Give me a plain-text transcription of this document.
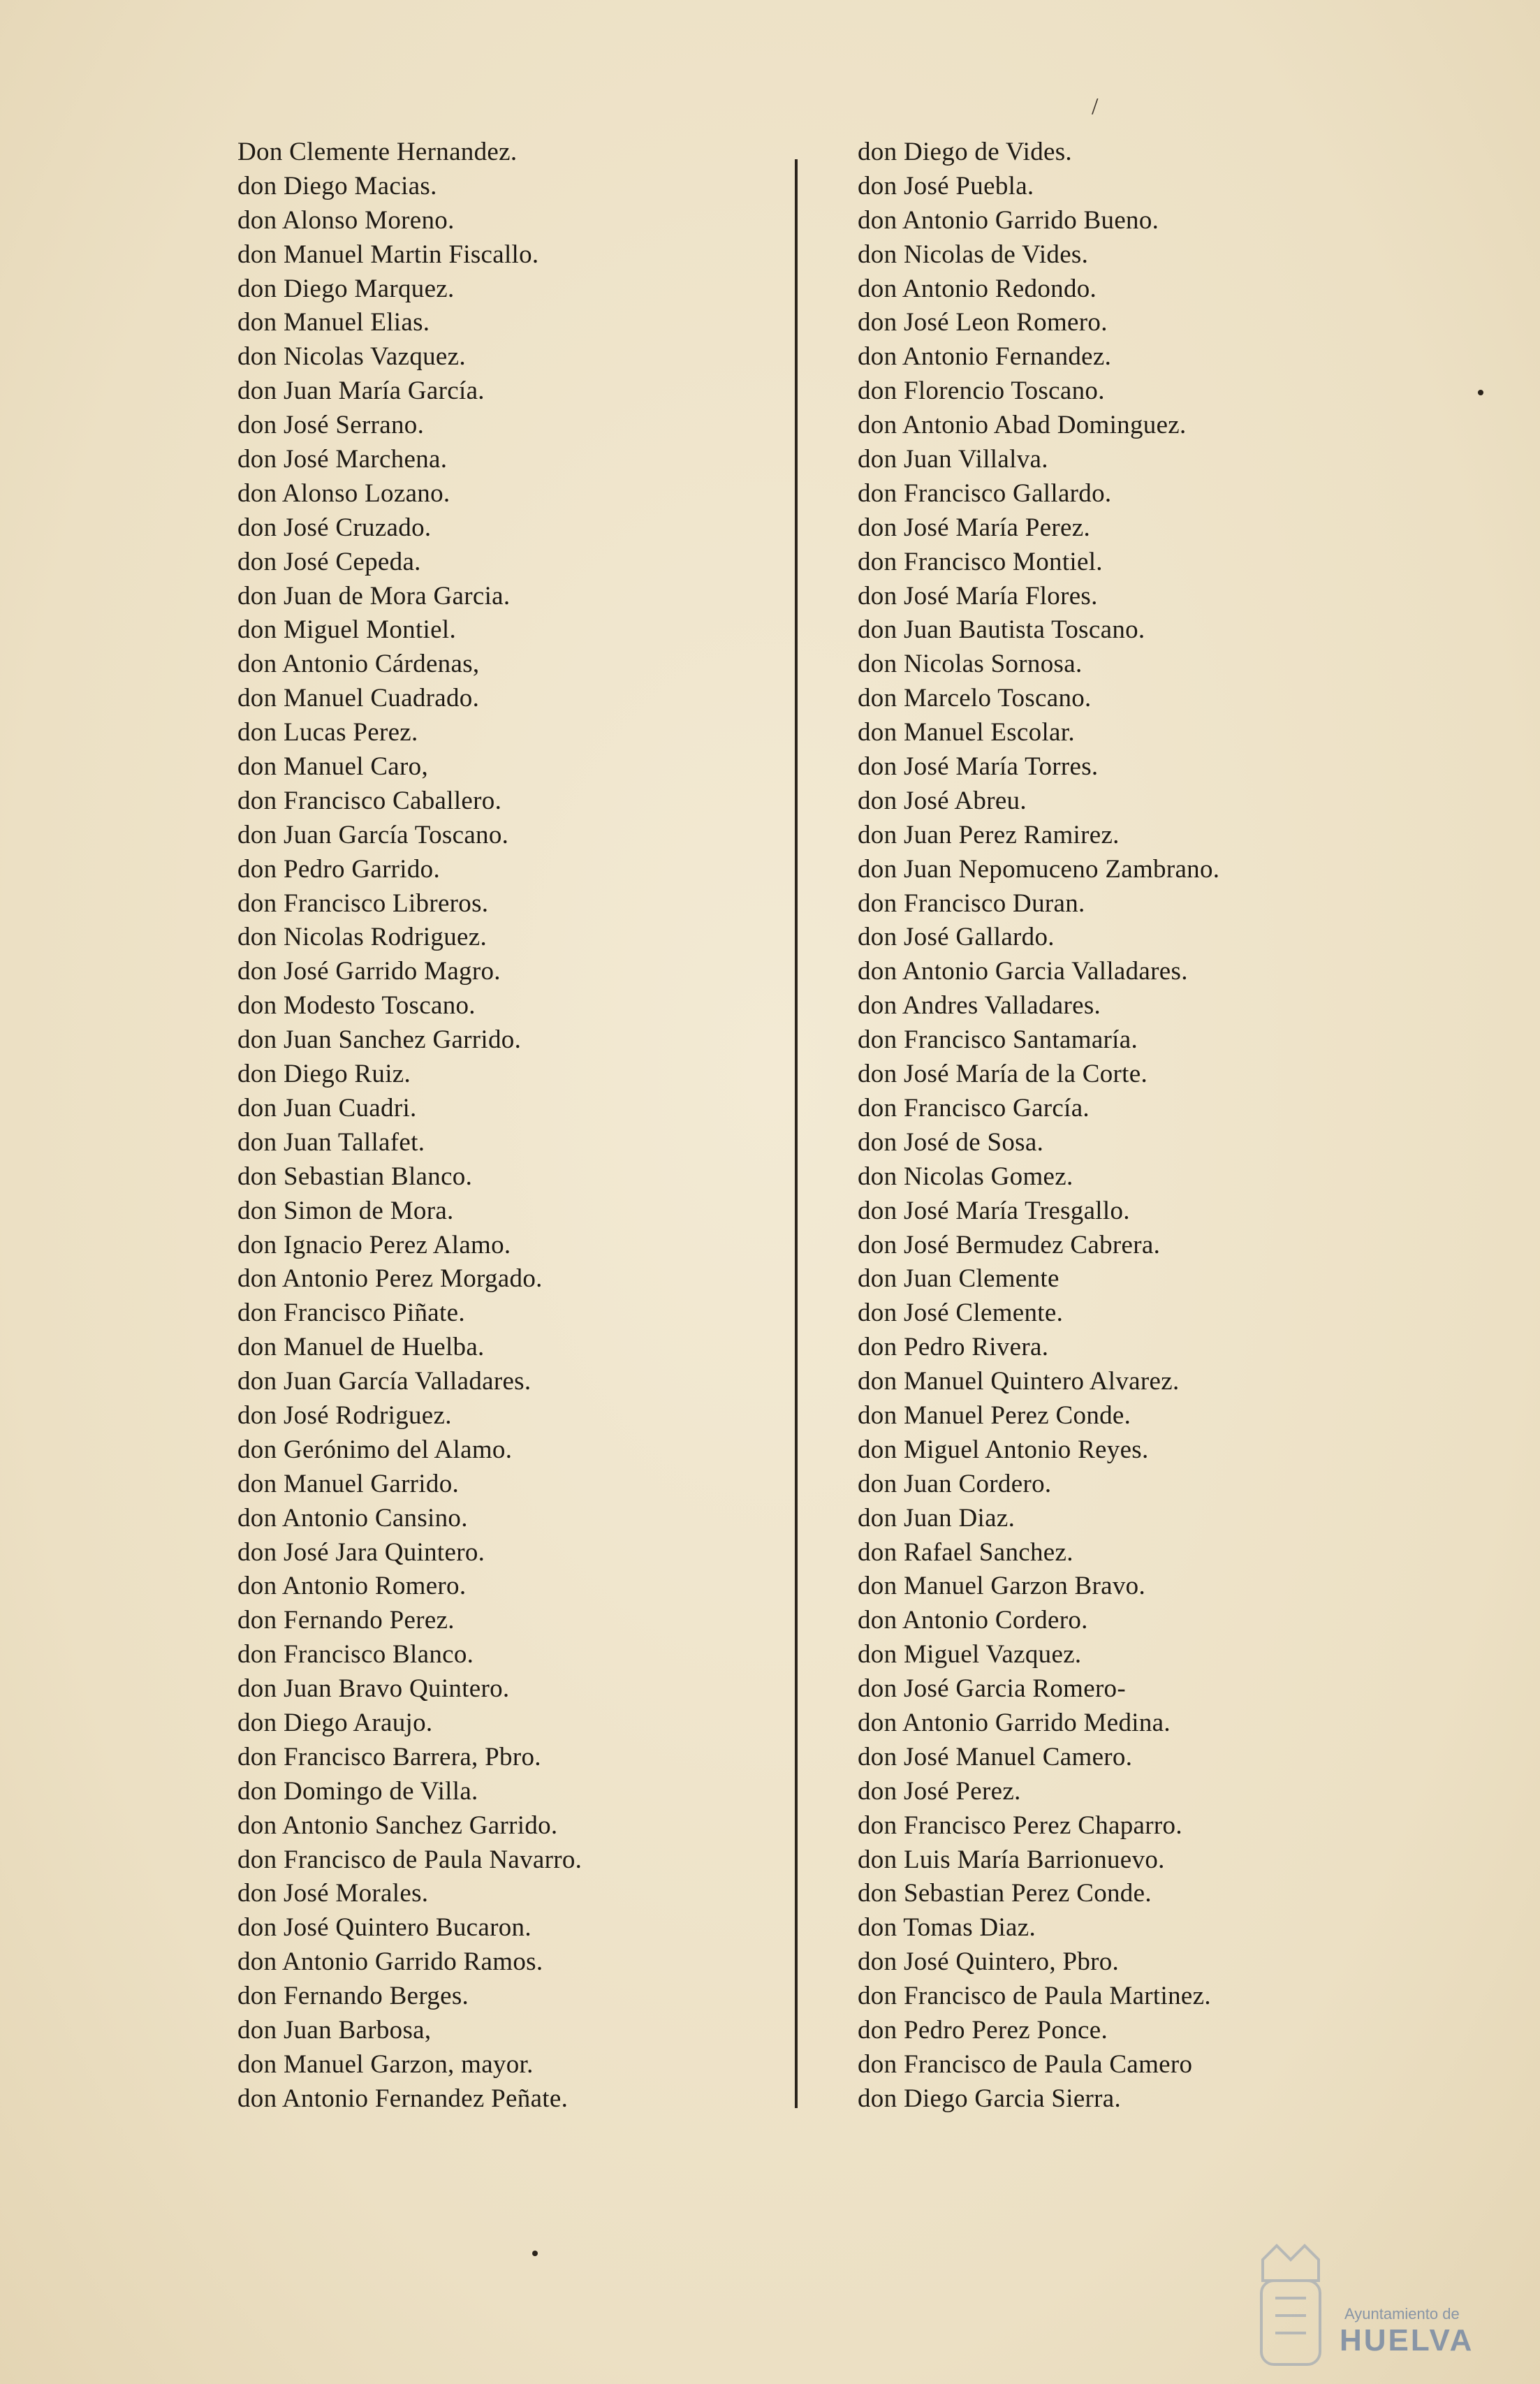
/
Don Clemente Hernandez.
don Diego Macias.
don Alonso Moreno.
don Manuel Martin Fiscallo.
don Diego Marquez.
don Manuel Elias.
don Nicolas Vazquez.
don Juan María García.
don José Serrano.
don José Marchena.
don Alonso Lozano.
don José Cruzado.
don José Cepeda.
don Juan de Mora Garcia.
don Miguel Montiel.
don Antonio Cárdenas,
don Manuel Cuadrado.
don Lucas Perez.
don Manuel Caro,
don Francisco Caballero.
don Juan García Toscano.
don Pedro Garrido.
don Francisco Libreros.
don Nicolas Rodriguez.
don José Garrido Magro.
don Modesto Toscano.
don Juan Sanchez Garrido.
don Diego Ruiz.
don Juan Cuadri.
don Juan Tallafet.
don Sebastian Blanco.
don Simon de Mora.
don Ignacio Perez Alamo.
don Antonio Perez Morgado.
don Francisco Piñate.
don Manuel de Huelba.
don Juan García Valladares.
don José Rodriguez.
don Gerónimo del Alamo.
don Manuel Garrido.
don Antonio Cansino.
don José Jara Quintero.
don Antonio Romero.
don Fernando Perez.
don Francisco Blanco.
don Juan Bravo Quintero.
don Diego Araujo.
don Francisco Barrera, Pbro.
don Domingo de Villa.
don Antonio Sanchez Garrido.
don Francisco de Paula Navarro.
don José Morales.
don José Quintero Bucaron.
don Antonio Garrido Ramos.
don Fernando Berges.
don Juan Barbosa,
don Manuel Garzon, mayor.
don Antonio Fernandez Peñate.
don Diego de Vides.
don José Puebla.
don Antonio Garrido Bueno.
don Nicolas de Vides.
don Antonio Redondo.
don José Leon Romero.
don Antonio Fernandez.
don Florencio Toscano.
don Antonio Abad Dominguez.
don Juan Villalva.
don Francisco Gallardo.
don José María Perez.
don Francisco Montiel.
don José María Flores.
don Juan Bautista Toscano.
don Nicolas Sornosa.
don Marcelo Toscano.
don Manuel Escolar.
don José María Torres.
don José Abreu.
don Juan Perez Ramirez.
don Juan Nepomuceno Zambrano.
don Francisco Duran.
don José Gallardo.
don Antonio Garcia Valladares.
don Andres Valladares.
don Francisco Santamaría.
don José María de la Corte.
don Francisco García.
don José de Sosa.
don Nicolas Gomez.
don José María Tresgallo.
don José Bermudez Cabrera.
don Juan Clemente
don José Clemente.
don Pedro Rivera.
don Manuel Quintero Alvarez.
don Manuel Perez Conde.
don Miguel Antonio Reyes.
don Juan Cordero.
don Juan Diaz.
don Rafael Sanchez.
don Manuel Garzon Bravo.
don Antonio Cordero.
don Miguel Vazquez.
don José Garcia Romero-
don Antonio Garrido Medina.
don José Manuel Camero.
don José Perez.
don Francisco Perez Chaparro.
don Luis María Barrionuevo.
don Sebastian Perez Conde.
don Tomas Diaz.
don José Quintero, Pbro.
don Francisco de Paula Martinez.
don Pedro Perez Ponce.
don Francisco de Paula Camero
don Diego Garcia Sierra.
Ayuntamiento de
HUELVA
